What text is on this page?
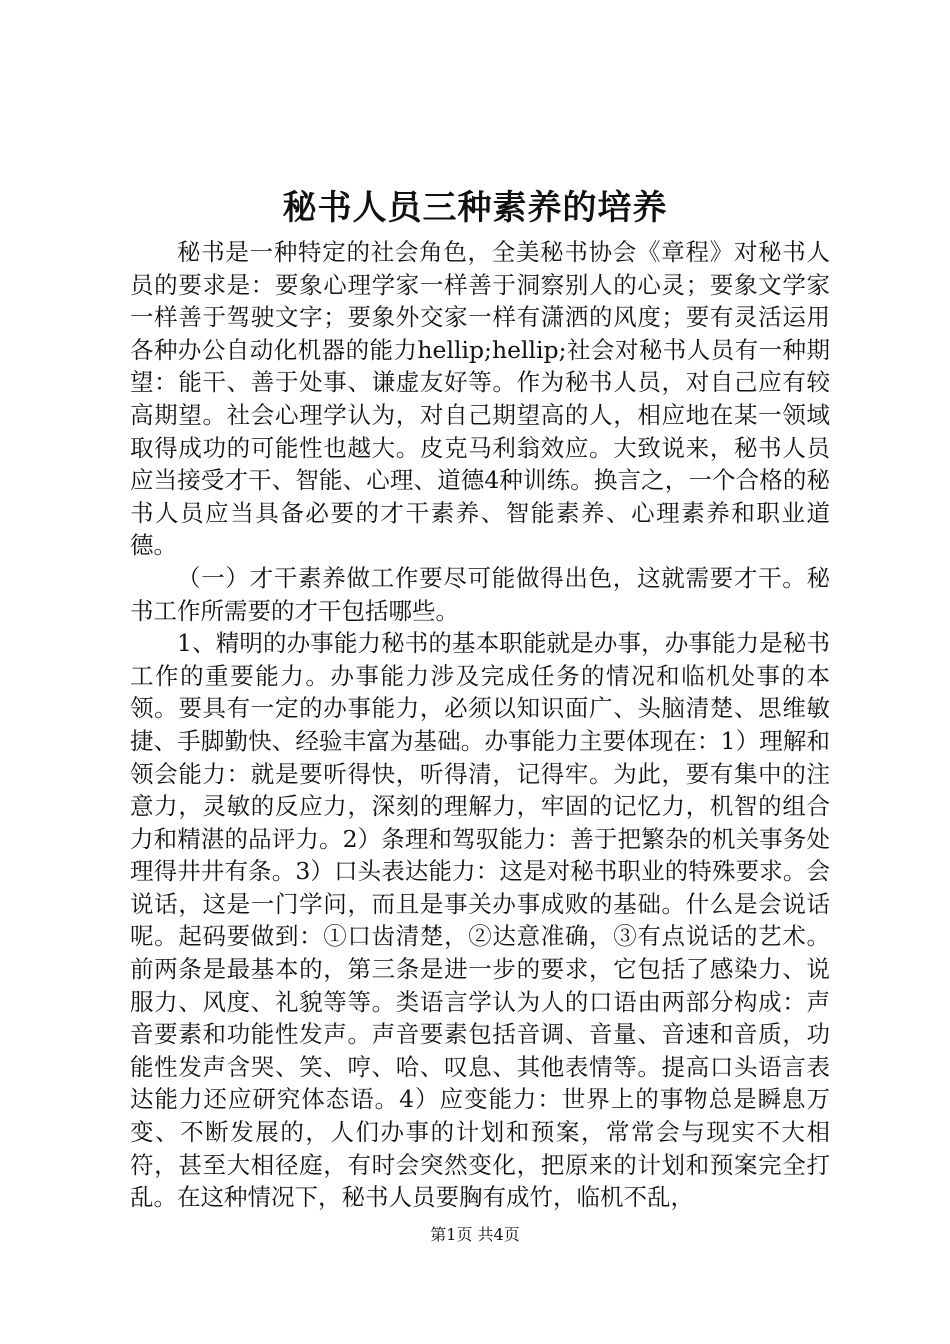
秘书人员三种素养的培养

秘书是一种特定的社会角色，全美秘书协会《章程》对秘书人员的要求是：要象心理学家一样善于洞察别人的心灵；要象文学家一样善于驾驶文字；要象外交家一样有潇洒的风度；要有灵活运用各种办公自动化机器的能力hellip;hellip;社会对秘书人员有一种期望：能干、善于处事、谦虚友好等。作为秘书人员，对自己应有较高期望。社会心理学认为，对自己期望高的人，相应地在某一领域取得成功的可能性也越大。皮克马利翁效应。大致说来，秘书人员应当接受才干、智能、心理、道德4种训练。换言之，一个合格的秘书人员应当具备必要的才干素养、智能素养、心理素养和职业道德。

（一）才干素养做工作要尽可能做得出色，这就需要才干。秘书工作所需要的才干包括哪些。

1、精明的办事能力秘书的基本职能就是办事，办事能力是秘书工作的重要能力。办事能力涉及完成任务的情况和临机处事的本领。要具有一定的办事能力，必须以知识面广、头脑清楚、思维敏捷、手脚勤快、经验丰富为基础。办事能力主要体现在：1）理解和领会能力：就是要听得快，听得清，记得牢。为此，要有集中的注意力，灵敏的反应力，深刻的理解力，牢固的记忆力，机智的组合力和精湛的品评力。2）条理和驾驭能力：善于把繁杂的机关事务处理得井井有条。3）口头表达能力：这是对秘书职业的特殊要求。会说话，这是一门学问，而且是事关办事成败的基础。什么是会说话呢。起码要做到：①口齿清楚，②达意准确，③有点说话的艺术。前两条是最基本的，第三条是进一步的要求，它包括了感染力、说服力、风度、礼貌等等。类语言学认为人的口语由两部分构成：声音要素和功能性发声。声音要素包括音调、音量、音速和音质，功能性发声含哭、笑、哼、哈、叹息、其他表情等。提高口头语言表达能力还应研究体态语。4）应变能力：世界上的事物总是瞬息万变、不断发展的，人们办事的计划和预案，常常会与现实不大相符，甚至大相径庭，有时会突然变化，把原来的计划和预案完全打乱。在这种情况下，秘书人员要胸有成竹，临机不乱，

第1页 共4页
